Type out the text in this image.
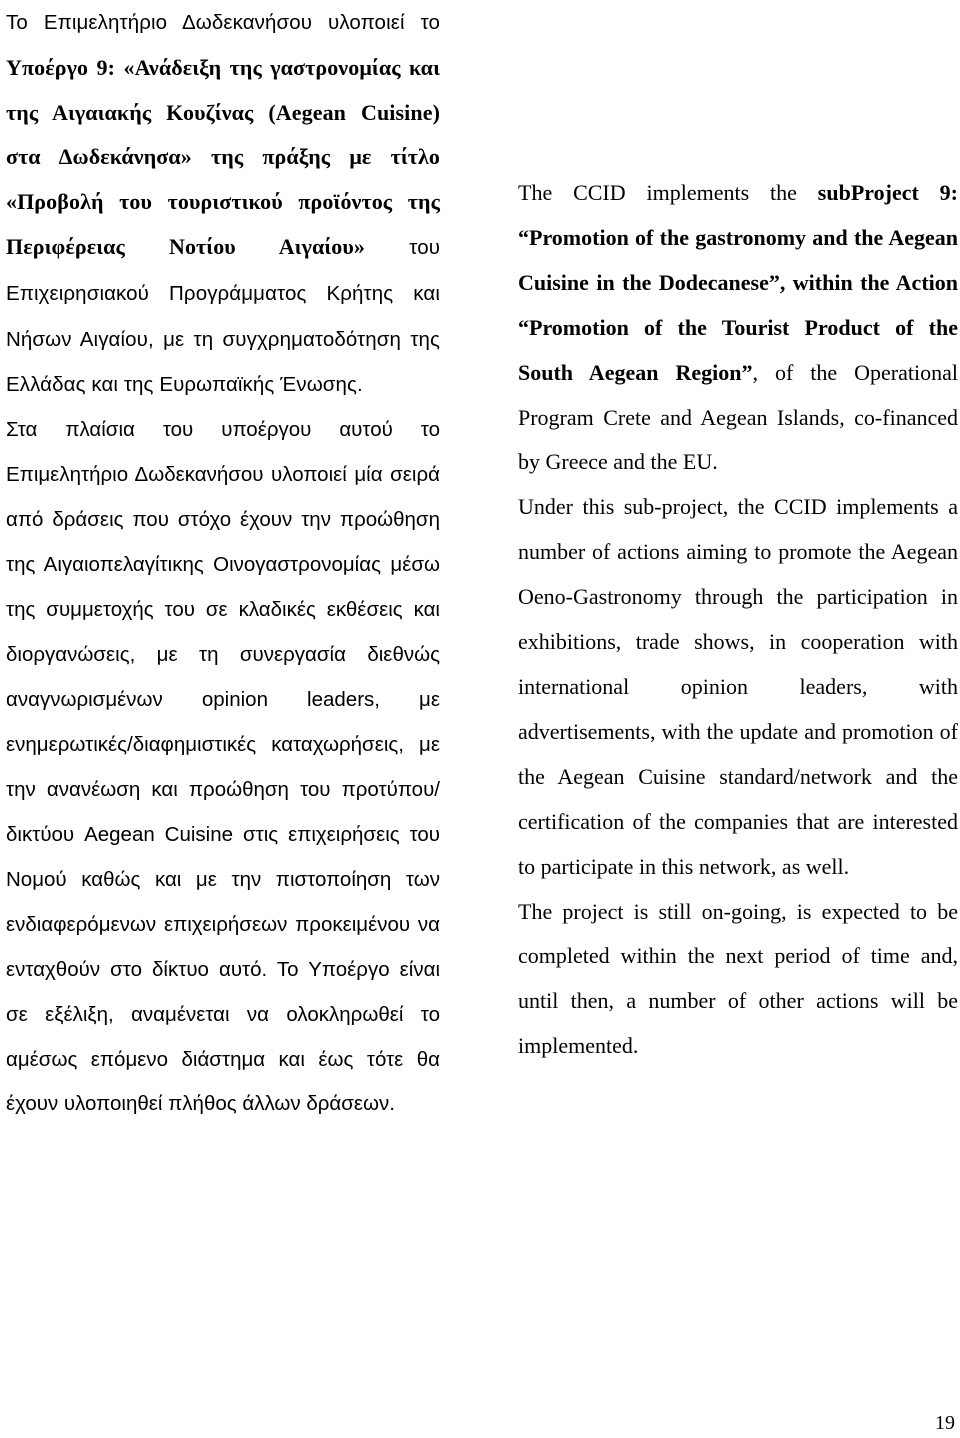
Το Επιμελητήριο Δωδεκανήσου υλοποιεί το Υποέργο 9: «Ανάδειξη της γαστρονομίας και της Αιγαιακής Κουζίνας (Aegean Cuisine) στα Δωδεκάνησα» της πράξης με τίτλο «Προβολή του τουριστικού προϊόντος της Περιφέρειας Νοτίου Αιγαίου» του Επιχειρησιακού Προγράμματος Κρήτης και Νήσων Αιγαίου, με τη συγχρηματοδότηση της Ελλάδας και της Ευρωπαϊκής Ένωσης.

Στα πλαίσια του υποέργου αυτού το Επιμελητήριο Δωδεκανήσου υλοποιεί μία σειρά από δράσεις που στόχο έχουν την προώθηση της Αιγαιοπελαγίτικης Οινογαστρονομίας μέσω της συμμετοχής του σε κλαδικές εκθέσεις και διοργανώσεις, με τη συνεργασία διεθνώς αναγνωρισμένων opinion leaders, με ενημερωτικές/διαφημιστικές καταχωρήσεις, με την ανανέωση και προώθηση του προτύπου/δικτύου Aegean Cuisine στις επιχειρήσεις του Νομού καθώς και με την πιστοποίηση των ενδιαφερόμενων επιχειρήσεων προκειμένου να ενταχθούν στο δίκτυο αυτό. Το Υποέργο είναι σε εξέλιξη, αναμένεται να ολοκληρωθεί το αμέσως επόμενο διάστημα και έως τότε θα έχουν υλοποιηθεί πλήθος άλλων δράσεων.

The CCID implements the subProject 9: “Promotion of the gastronomy and the Aegean Cuisine in the Dodecanese”, within the Action “Promotion of the Tourist Product of the South Aegean Region”, of the Operational Program Crete and Aegean Islands, co-financed by Greece and the EU.

Under this sub-project, the CCID implements a number of actions aiming to promote the Aegean Oeno-Gastronomy through the participation in exhibitions, trade shows, in cooperation with international opinion leaders, with advertisements, with the update and promotion of the Aegean Cuisine standard/network and the certification of the companies that are interested to participate in this network, as well.

The project is still on-going, is expected to be completed within the next period of time and, until then, a number of other actions will be implemented.

19
